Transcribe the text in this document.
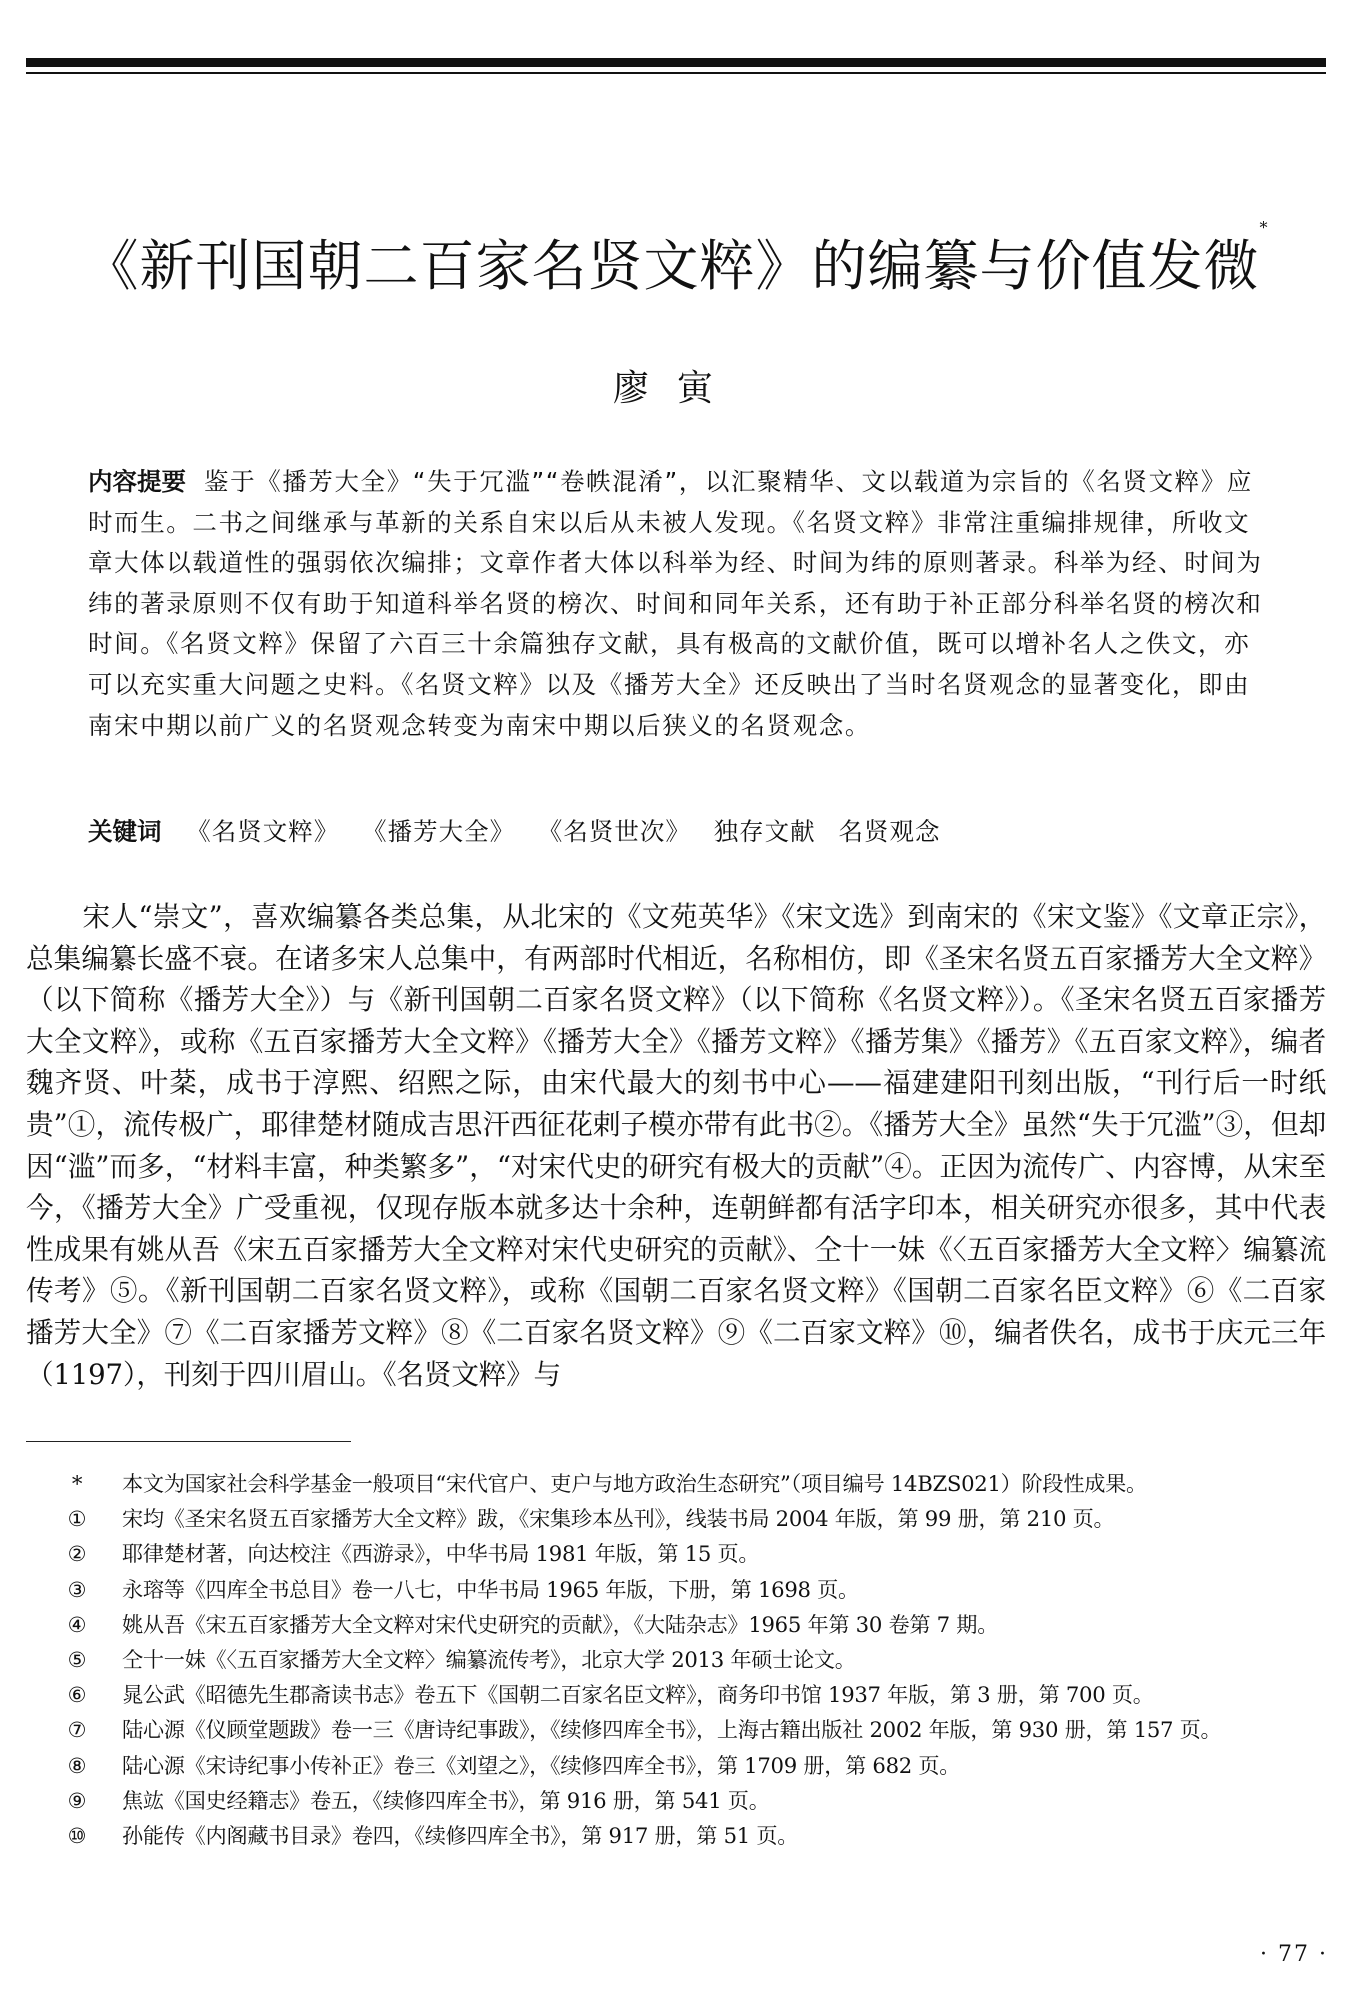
《新刊国朝二百家名贤文粹》的编纂与价值发微*
廖寅
内容提要 鉴于《播芳大全》“失于冗滥”“卷帙混淆”，以汇聚精华、文以载道为宗旨的《名贤文粹》应时而生。二书之间继承与革新的关系自宋以后从未被人发现。《名贤文粹》非常注重编排规律，所收文章大体以载道性的强弱依次编排；文章作者大体以科举为经、时间为纬的原则著录。科举为经、时间为纬的著录原则不仅有助于知道科举名贤的榜次、时间和同年关系，还有助于补正部分科举名贤的榜次和时间。《名贤文粹》保留了六百三十余篇独存文献，具有极高的文献价值，既可以增补名人之佚文，亦可以充实重大问题之史料。《名贤文粹》以及《播芳大全》还反映出了当时名贤观念的显著变化，即由南宋中期以前广义的名贤观念转变为南宋中期以后狭义的名贤观念。
关键词 《名贤文粹》 《播芳大全》 《名贤世次》 独存文献 名贤观念
宋人“崇文”，喜欢编纂各类总集，从北宋的《文苑英华》《宋文选》到南宋的《宋文鉴》《文章正宗》，总集编纂长盛不衰。在诸多宋人总集中，有两部时代相近，名称相仿，即《圣宋名贤五百家播芳大全文粹》（以下简称《播芳大全》）与《新刊国朝二百家名贤文粹》（以下简称《名贤文粹》）。《圣宋名贤五百家播芳大全文粹》，或称《五百家播芳大全文粹》《播芳大全》《播芳文粹》《播芳集》《播芳》《五百家文粹》，编者魏齐贤、叶棻，成书于淳熙、绍熙之际，由宋代最大的刻书中心——福建建阳刊刻出版，“刊行后一时纸贵”①，流传极广，耶律楚材随成吉思汗西征花剌子模亦带有此书②。《播芳大全》虽然“失于冗滥”③，但却因“滥”而多，“材料丰富，种类繁多”，“对宋代史的研究有极大的贡献”④。正因为流传广、内容博，从宋至今，《播芳大全》广受重视，仅现存版本就多达十余种，连朝鲜都有活字印本，相关研究亦很多，其中代表性成果有姚从吾《宋五百家播芳大全文粹对宋代史研究的贡献》、仝十一妹《〈五百家播芳大全文粹〉编纂流传考》⑤。《新刊国朝二百家名贤文粹》，或称《国朝二百家名贤文粹》《国朝二百家名臣文粹》⑥《二百家播芳大全》⑦《二百家播芳文粹》⑧《二百家名贤文粹》⑨《二百家文粹》⑩，编者佚名，成书于庆元三年（1197），刊刻于四川眉山。《名贤文粹》与
*	本文为国家社会科学基金一般项目“宋代官户、吏户与地方政治生态研究”（项目编号 14BZS021）阶段性成果。
①	宋均《圣宋名贤五百家播芳大全文粹》跋，《宋集珍本丛刊》，线装书局 2004 年版，第 99 册，第 210 页。
②	耶律楚材著，向达校注《西游录》，中华书局 1981 年版，第 15 页。
③	永瑢等《四库全书总目》卷一八七，中华书局 1965 年版，下册，第 1698 页。
④	姚从吾《宋五百家播芳大全文粹对宋代史研究的贡献》，《大陆杂志》1965 年第 30 卷第 7 期。
⑤	仝十一妹《〈五百家播芳大全文粹〉编纂流传考》，北京大学 2013 年硕士论文。
⑥	晁公武《昭德先生郡斋读书志》卷五下《国朝二百家名臣文粹》，商务印书馆 1937 年版，第 3 册，第 700 页。
⑦	陆心源《仪顾堂题跋》卷一三《唐诗纪事跋》，《续修四库全书》，上海古籍出版社 2002 年版，第 930 册，第 157 页。
⑧	陆心源《宋诗纪事小传补正》卷三《刘望之》，《续修四库全书》，第 1709 册，第 682 页。
⑨	焦竑《国史经籍志》卷五，《续修四库全书》，第 916 册，第 541 页。
⑩	孙能传《内阁藏书目录》卷四，《续修四库全书》，第 917 册，第 51 页。
· 77 ·
